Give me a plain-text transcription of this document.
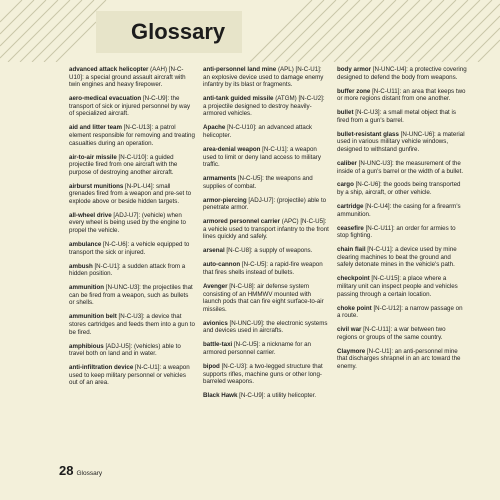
Glossary

advanced attack helicopter (AAH) [N-C-U10]: a special ground assault aircraft with twin engines and heavy firepower.

aero-medical evacuation [N-C-U9]: the transport of sick or injured personnel by way of specialized aircraft.

aid and litter team [N-C-U13]: a patrol element responsible for removing and treating casualties during an operation.

air-to-air missile [N-C-U10]: a guided projectile fired from one aircraft with the purpose of destroying another aircraft.

airburst munitions [N-PL-U4]: small grenades fired from a weapon and pre-set to explode above or beside hidden targets.

all-wheel drive [ADJ-U7]: (vehicle) when every wheel is being used by the engine to propel the vehicle.

ambulance [N-C-U6]: a vehicle equipped to transport the sick or injured.

ambush [N-C-U1]: a sudden attack from a hidden position.

ammunition [N-UNC-U3]: the projectiles that can be fired from a weapon, such as bullets or shells.

ammunition belt [N-C-U3]: a device that stores cartridges and feeds them into a gun to be fired.

amphibious [ADJ-U5]: (vehicles) able to travel both on land and in water.

anti-infiltration device [N-C-U1]: a weapon used to keep military personnel or vehicles out of an area.

anti-personnel land mine (APL) [N-C-U1]: an explosive device used to damage enemy infantry by its blast or fragments.

anti-tank guided missile (ATGM) [N-C-U2]: a projectile designed to destroy heavily-armored vehicles.

Apache [N-C-U10]: an advanced attack helicopter.

area-denial weapon [N-C-U1]: a weapon used to limit or deny land access to military traffic.

armaments [N-C-U5]: the weapons and supplies of combat.

armor-piercing [ADJ-U7]: (projectile) able to penetrate armor.

armored personnel carrier (APC) [N-C-U5]: a vehicle used to transport infantry to the front lines quickly and safely.

arsenal [N-C-U8]: a supply of weapons.

auto-cannon [N-C-U5]: a rapid-fire weapon that fires shells instead of bullets.

Avenger [N-C-U8]: air defense system consisting of an HMMWV mounted with launch pods that can fire eight surface-to-air missiles.

avionics [N-UNC-U9]: the electronic systems and devices used in aircrafts.

battle-taxi [N-C-U5]: a nickname for an armored personnel carrier.

bipod [N-C-U3]: a two-legged structure that supports rifles, machine guns or other long-barreled weapons.

Black Hawk [N-C-U9]: a utility helicopter.

body armor [N-UNC-U4]: a protective covering designed to defend the body from weapons.

buffer zone [N-C-U11]: an area that keeps two or more regions distant from one another.

bullet [N-C-U3]: a small metal object that is fired from a gun's barrel.

bullet-resistant glass [N-UNC-U6]: a material used in various military vehicle windows, designed to withstand gunfire.

caliber [N-UNC-U3]: the measurement of the inside of a gun's barrel or the width of a bullet.

cargo [N-C-U6]: the goods being transported by a ship, aircraft, or other vehicle.

cartridge [N-C-U4]: the casing for a firearm's ammunition.

ceasefire [N-C-U11]: an order for armies to stop fighting.

chain flail [N-C-U1]: a device used by mine clearing machines to beat the ground and safely detonate mines in the vehicle's path.

checkpoint [N-C-U15]: a place where a military unit can inspect people and vehicles passing through a certain location.

choke point [N-C-U12]: a narrow passage on a route.

civil war [N-C-U11]: a war between two regions or groups of the same country.

Claymore [N-C-U1]: an anti-personnel mine that discharges shrapnel in an arc toward the enemy.

28 Glossary
